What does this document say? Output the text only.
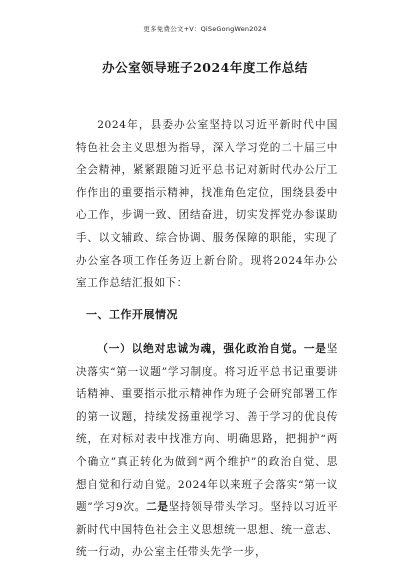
更多免费公文+V：QiSeGongWen2024
办公室领导班子2024年度工作总结

2024年，县委办公室坚持以习近平新时代中国特色社会主义思想为指导，深入学习党的二十届三中全会精神，紧紧跟随习近平总书记对新时代办公厅工作作出的重要指示精神，找准角色定位，围绕县委中心工作，步调一致、团结奋进，切实发挥党办参谋助手、以文辅政、综合协调、服务保障的职能，实现了办公室各项工作任务迈上新台阶。现将2024年办公室工作总结汇报如下：

一、工作开展情况

（一）以绝对忠诚为魂，强化政治自觉。一是坚决落实“第一议题”学习制度。将习近平总书记重要讲话精神、重要指示批示精神作为班子会研究部署工作的第一议题，持续发扬重视学习、善于学习的优良传统，在对标对表中找准方向、明确思路，把拥护“两个确立”真正转化为做到“两个维护”的政治自觉、思想自觉和行动自觉。2024年以来班子会落实“第一议题”学习9次。二是坚持领导带头学习。坚持以习近平新时代中国特色社会主义思想统一思想、统一意志、统一行动，办公室主任带头先学一步，
